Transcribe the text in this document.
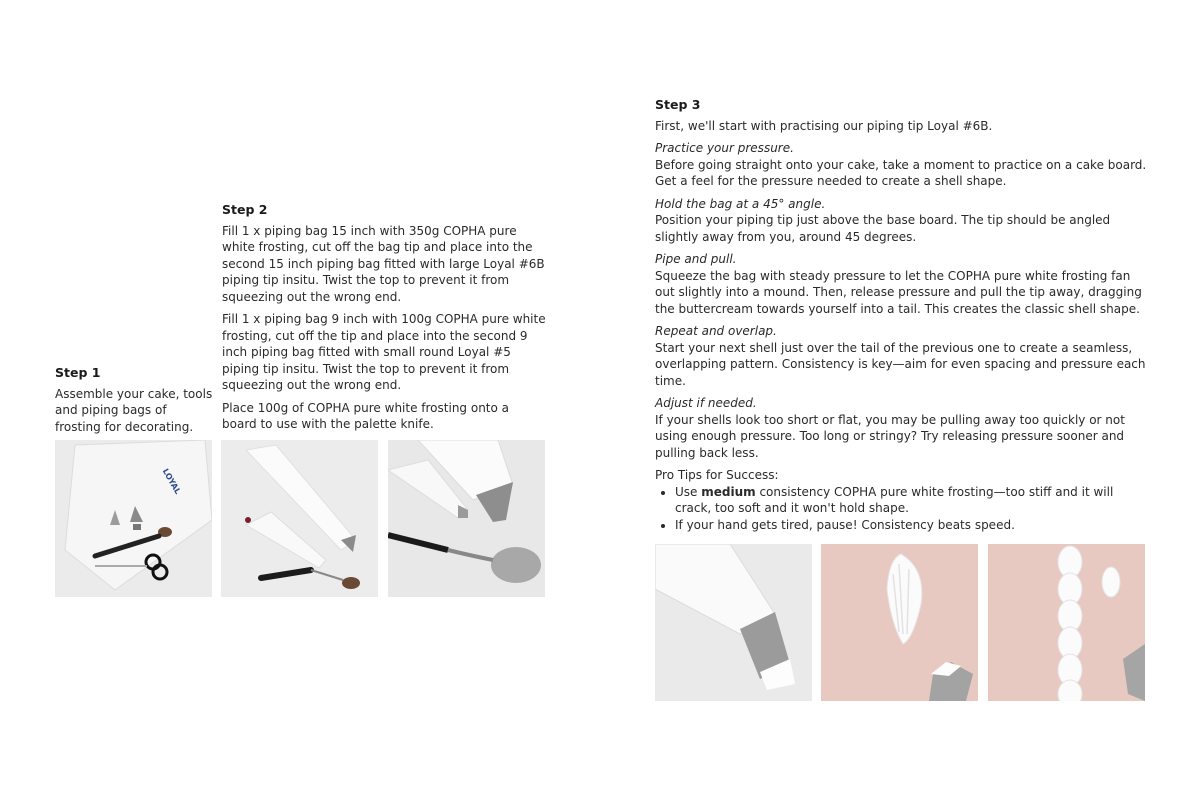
Step 1
Assemble your cake, tools and piping bags of frosting for decorating.
LOYAL
Step 2
Fill 1 x piping bag 15 inch with 350g COPHA pure white frosting, cut off the bag tip and place into the second 15 inch piping bag fitted with large Loyal #6B piping tip insitu. Twist the top to prevent it from squeezing out the wrong end.
Fill 1 x piping bag 9 inch with 100g COPHA pure white frosting, cut off the tip and place into the second 9 inch piping bag fitted with small round Loyal #5 piping tip insitu. Twist the top to prevent it from squeezing out the wrong end.
Place 100g of COPHA pure white frosting onto a board to use with the palette knife.
Step 3
First, we'll start with practising our piping tip Loyal #6B.
Practice your pressure.
Before going straight onto your cake, take a moment to practice on a cake board. Get a feel for the pressure needed to create a shell shape.
Hold the bag at a 45° angle.
Position your piping tip just above the base board. The tip should be angled slightly away from you, around 45 degrees.
Pipe and pull.
Squeeze the bag with steady pressure to let the COPHA pure white frosting fan out slightly into a mound. Then, release pressure and pull the tip away, dragging the buttercream towards yourself into a tail. This creates the classic shell shape.
Repeat and overlap.
Start your next shell just over the tail of the previous one to create a seamless, overlapping pattern. Consistency is key—aim for even spacing and pressure each time.
Adjust if needed.
If your shells look too short or flat, you may be pulling away too quickly or not using enough pressure. Too long or stringy? Try releasing pressure sooner and pulling back less.
Pro Tips for Success:
• Use medium consistency COPHA pure white frosting—too stiff and it will crack, too soft and it won't hold shape.
• If your hand gets tired, pause! Consistency beats speed.
